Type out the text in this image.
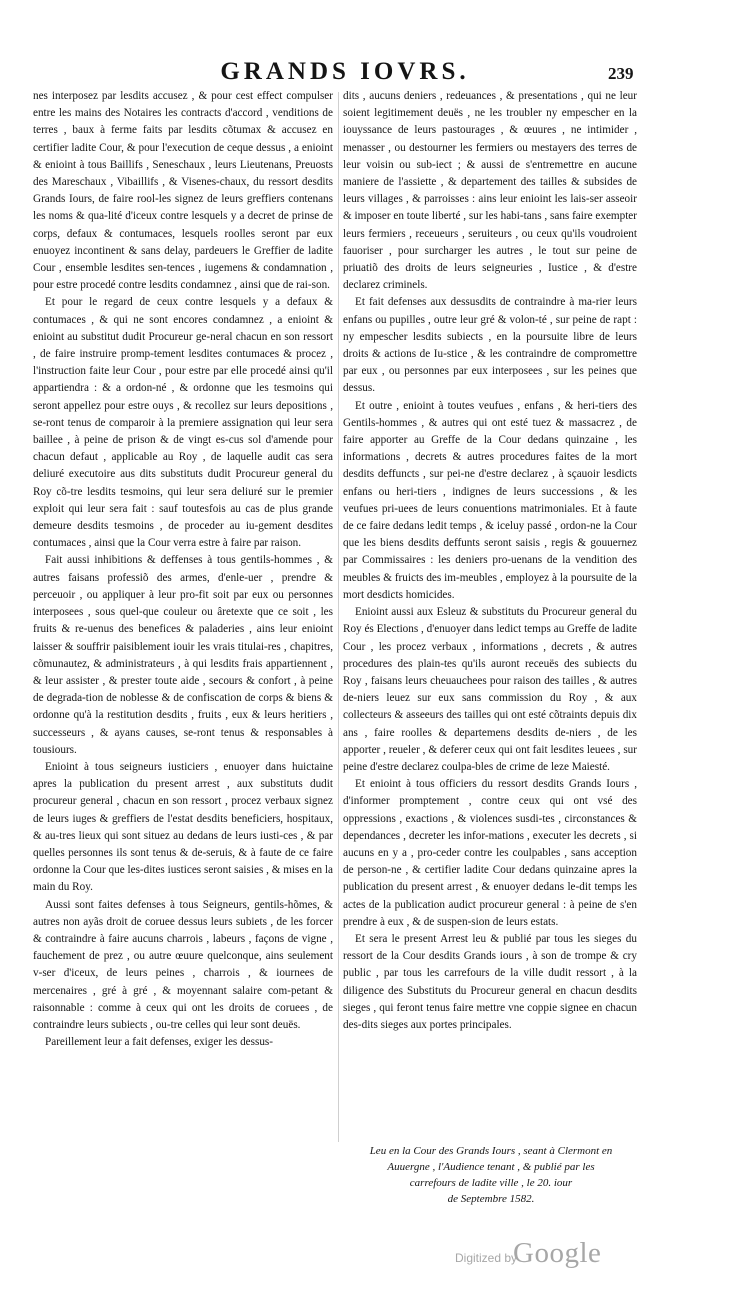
GRANDS IOVRS.	239

nes interposez par lesdits accusez , & pour cest effect compulser entre les mains des Notaires les contracts d'accord , venditions de terres , baux à ferme faits par lesdits cõtumax & accusez en certifier ladite Cour, & pour l'execution de ceque dessus , a enioint & enioint à tous Baillifs , Seneschaux , leurs Lieutenans, Preuosts des Mareschaux , Vibaillifs , & Visenes-chaux, du ressort desdits Grands Iours, de faire rool-les signez de leurs greffiers contenans les noms & qua-lité d'iceux contre lesquels y a decret de prinse de corps, defaux & contumaces, lesquels roolles seront par eux enuoyez incontinent & sans delay, pardeuers le Greffier de ladite Cour , ensemble lesdites sen-tences , iugemens & condamnation , pour estre procedé contre lesdits condamnez , ainsi que de rai-son.

Et pour le regard de ceux contre lesquels y a defaux & contumaces , & qui ne sont encores condamnez , a enioint & enioint au substitut dudit Procureur ge-neral chacun en son ressort , de faire instruire promp-tement lesdites contumaces & procez , l'instruction faite leur Cour , pour estre par elle procedé ainsi qu'il appartiendra : & a ordon-né , & ordonne que les tesmoins qui seront appellez pour estre ouys , & recollez sur leurs depositions , se-ront tenus de comparoir à la premiere assignation qui leur sera baillee , à peine de prison & de vingt es-cus sol d'amende pour chacun defaut , applicable au Roy , de laquelle audit cas sera deliuré executoire aus dits substituts dudit Procureur general du Roy cõ-tre lesdits tesmoins, qui leur sera deliuré sur le premier exploit qui leur sera fait : sauf toutesfois au cas de plus grande demeure desdits tesmoins , de proceder au iu-gement desdites contumaces , ainsi que la Cour verra estre à faire par raison.

Fait aussi inhibitions & deffenses à tous gentils-hommes , & autres faisans professiõ des armes, d'enle-uer , prendre & perceuoir , ou appliquer à leur pro-fit soit par eux ou personnes interposees , sous quel-que couleur ou âretexte que ce soit , les fruits & re-uenus des benefices & paladeries , ains leur enioint laisser & souffrir paisiblement iouir les vrais titulai-res , chapitres, cõmunautez, & administrateurs , à qui lesdits frais appartiennent , & leur assister , & prester toute aide , secours & confort , à peine de degrada-tion de noblesse & de confiscation de corps & biens & ordonne qu'à la restitution desdits , fruits , eux & leurs heritiers , successeurs , & ayans causes, se-ront tenus & responsables à tousiours.

Enioint à tous seigneurs iusticiers , enuoyer dans huictaine apres la publication du present arrest , aux substituts dudit procureur general , chacun en son ressort , procez verbaux signez de leurs iuges & greffiers de l'estat desdits beneficiers, hospitaux, & au-tres lieux qui sont situez au dedans de leurs iusti-ces , & par quelles personnes ils sont tenus & de-seruis, & à faute de ce faire ordonne la Cour que les-dites iustices seront saisies , & mises en la main du Roy.

Aussi sont faites defenses à tous Seigneurs, gentils-hõmes, & autres non ayãs droit de coruee dessus leurs subiets , de les forcer & contraindre à faire aucuns charrois , labeurs , façons de vigne , fauchement de prez , ou autre œuure quelconque, ains seulement v-ser d'iceux, de leurs peines , charrois , & iournees de mercenaires , gré à gré , & moyennant salaire com-petant & raisonnable : comme à ceux qui ont les droits de coruees , de contraindre leurs subiects , ou-tre celles qui leur sont deuës.

Pareillement leur a fait defenses, exiger les dessus-

dits , aucuns deniers , redeuances , & presentations , qui ne leur soient legitimement deuës , ne les troubler ny empescher en la iouyssance de leurs pastourages , & œuures , ne intimider , menasser , ou destourner les fermiers ou mestayers des terres de leur voisin ou sub-iect ; & aussi de s'entremettre en aucune maniere de l'assiette , & departement des tailles & subsides de leurs villages , & parroisses : ains leur enioint les lais-ser asseoir & imposer en toute liberté , sur les habi-tans , sans faire exempter leurs fermiers , receueurs , seruiteurs , ou ceux qu'ils voudroient fauoriser , pour surcharger les autres , le tout sur peine de priuatiõ des droits de leurs seigneuries , Iustice , & d'estre declarez criminels.

Et fait defenses aux dessusdits de contraindre à ma-rier leurs enfans ou pupilles , outre leur gré & volon-té , sur peine de rapt : ny empescher lesdits subiects , en la poursuite libre de leurs droits & actions de Iu-stice , & les contraindre de compromettre par eux , ou personnes par eux interposees , sur les peines que dessus.

Et outre , enioint à toutes veufues , enfans , & heri-tiers des Gentils-hommes , & autres qui ont esté tuez & massacrez , de faire apporter au Greffe de la Cour dedans quinzaine , les informations , decrets & autres procedures faites de la mort desdits deffuncts , sur pei-ne d'estre declarez , à sçauoir lesdicts enfans ou heri-tiers , indignes de leurs successions , & les veufues pri-uees de leurs conuentions matrimoniales. Et à faute de ce faire dedans ledit temps , & iceluy passé , ordon-ne la Cour que les biens desdits deffunts seront saisis , regis & gouuernez par Commissaires : les deniers pro-uenans de la vendition des meubles & fruicts des im-meubles , employez à la poursuite de la mort desdicts homicides.

Enioint aussi aux Esleuz & substituts du Procureur general du Roy és Elections , d'enuoyer dans ledict temps au Greffe de ladite Cour , les procez verbaux , informations , decrets , & autres procedures des plain-tes qu'ils auront receuës des subiects du Roy , faisans leurs cheuauchees pour raison des tailles , & autres de-niers leuez sur eux sans commission du Roy , & aux collecteurs & asseeurs des tailles qui ont esté cõtraints depuis dix ans , faire roolles & departemens desdits de-niers , de les apporter , reueler , & deferer ceux qui ont fait lesdites leuees , sur peine d'estre declarez coulpa-bles de crime de leze Maiesté.

Et enioint à tous officiers du ressort desdits Grands Iours , d'informer promptement , contre ceux qui ont vsé des oppressions , exactions , & violences susdi-tes , circonstances & dependances , decreter les infor-mations , executer les decrets , si aucuns en y a , pro-ceder contre les coulpables , sans acception de person-ne , & certifier ladite Cour dedans quinzaine apres la publication du present arrest , & enuoyer dedans le-dit temps les actes de la publication audict procureur general : à peine de s'en prendre à eux , & de suspen-sion de leurs estats.

Et sera le present Arrest leu & publié par tous les sieges du ressort de la Cour desdits Grands iours , à son de trompe & cry public , par tous les carrefours de la ville dudit ressort , à la diligence des Substituts du Procureur general en chacun desdits sieges , qui feront tenus faire mettre vne coppie signee en chacun des-dits sieges aux portes principales.

Leu en la Cour des Grands Iours , seant à Clermont en
Auuergne , l'Audience tenant , & publié par les
carrefours de ladite ville , le 20. iour
de Septembre 1582.
Digitized by
Google
